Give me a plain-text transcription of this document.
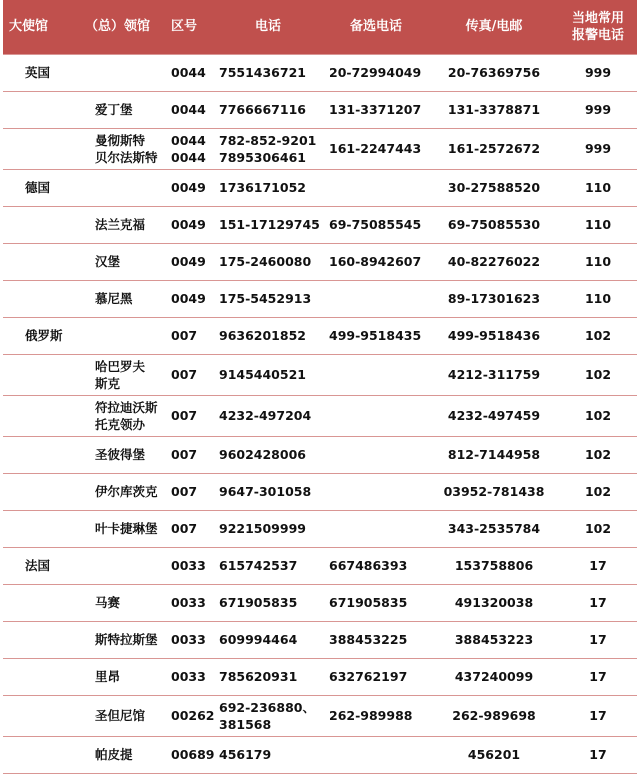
大使馆	（总）领馆	区号	电话	备选电话	传真/电邮	当地常用
报警电话

英国		0044	7551436721	20-72994049	20-76369756	999

	爱丁堡	0044	7766667116	131-3371207	131-3378871	999

	曼彻斯特
贝尔法斯特	0044
0044	782-852-9201
7895306461	161-2247443	161-2572672	999
德国		0049	1736171052		30-27588520	110

	法兰克福	0049	151-17129745	69-75085545	69-75085530	110

	汉堡	0049	175-2460080	160-8942607	40-82276022	110

	慕尼黑	0049	175-5452913		89-17301623	110
俄罗斯		007	9636201852	499-9518435	499-9518436	102

	哈巴罗夫
斯克	007	9145440521		4212-311759	102

	符拉迪沃斯
托克领办	007	4232-497204		4232-497459	102

	圣彼得堡	007	9602428006		812-7144958	102

	伊尔库茨克	007	9647-301058		03952-781438	102

	叶卡捷琳堡	007	9221509999		343-2535784	102
法国		0033	615742537	667486393	153758806	17

	马赛	0033	671905835	671905835	491320038	17

	斯特拉斯堡	0033	609994464	388453225	388453223	17

	里昂	0033	785620931	632762197	437240099	17

	圣但尼馆	00262	692-236880、
381568	262-989988	262-989698	17

	帕皮提	00689	456179		456201	17
